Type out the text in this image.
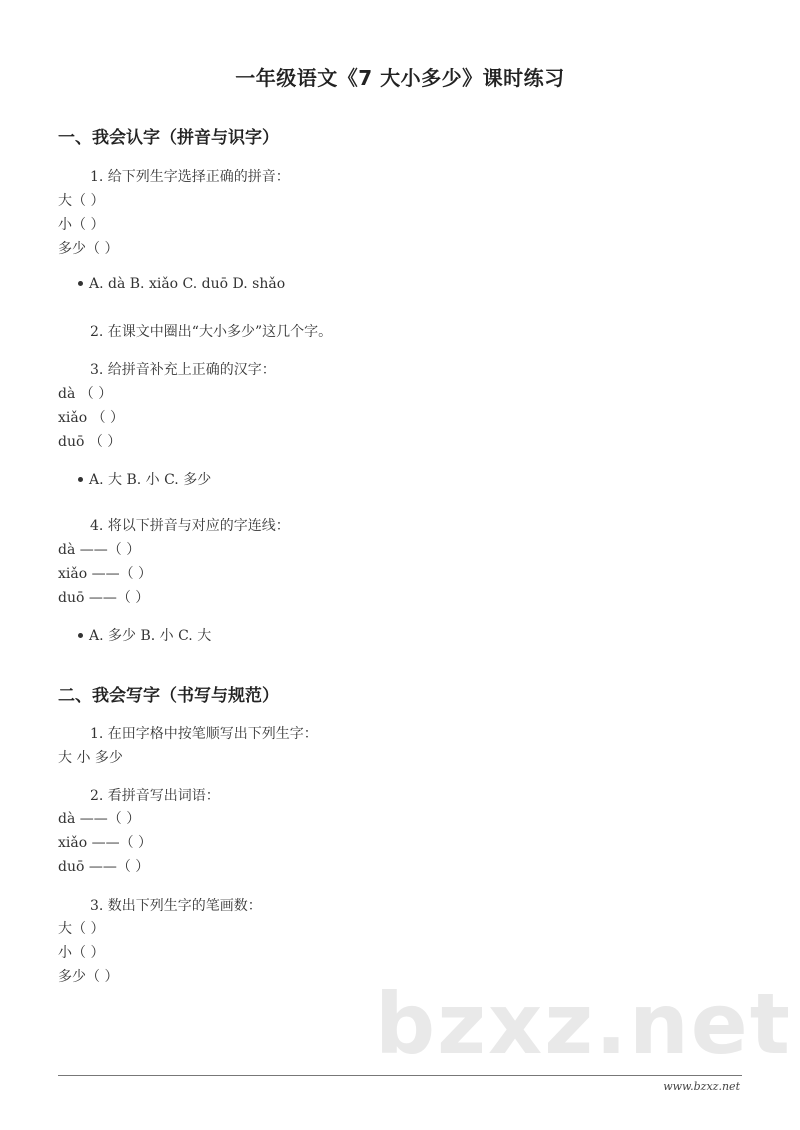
一年级语文《7 大小多少》课时练习
一、我会认字（拼音与识字）
1. 给下列生字选择正确的拼音：
大（ ）
小（ ）
多少（ ）
A. dà B. xiǎo C. duō D. shǎo
2. 在课文中圈出“大小多少”这几个字。
3. 给拼音补充上正确的汉字：
dà （ ）
xiǎo （ ）
duō （ ）
A. 大 B. 小 C. 多少
4. 将以下拼音与对应的字连线：
dà ——（ ）
xiǎo ——（ ）
duō ——（ ）
A. 多少 B. 小 C. 大
二、我会写字（书写与规范）
1. 在田字格中按笔顺写出下列生字：
大 小 多少
2. 看拼音写出词语：
dà ——（ ）
xiǎo ——（ ）
duō ——（ ）
3. 数出下列生字的笔画数：
大（ ）
小（ ）
多少（ ）	bzxz.net
www.bzxz.net
